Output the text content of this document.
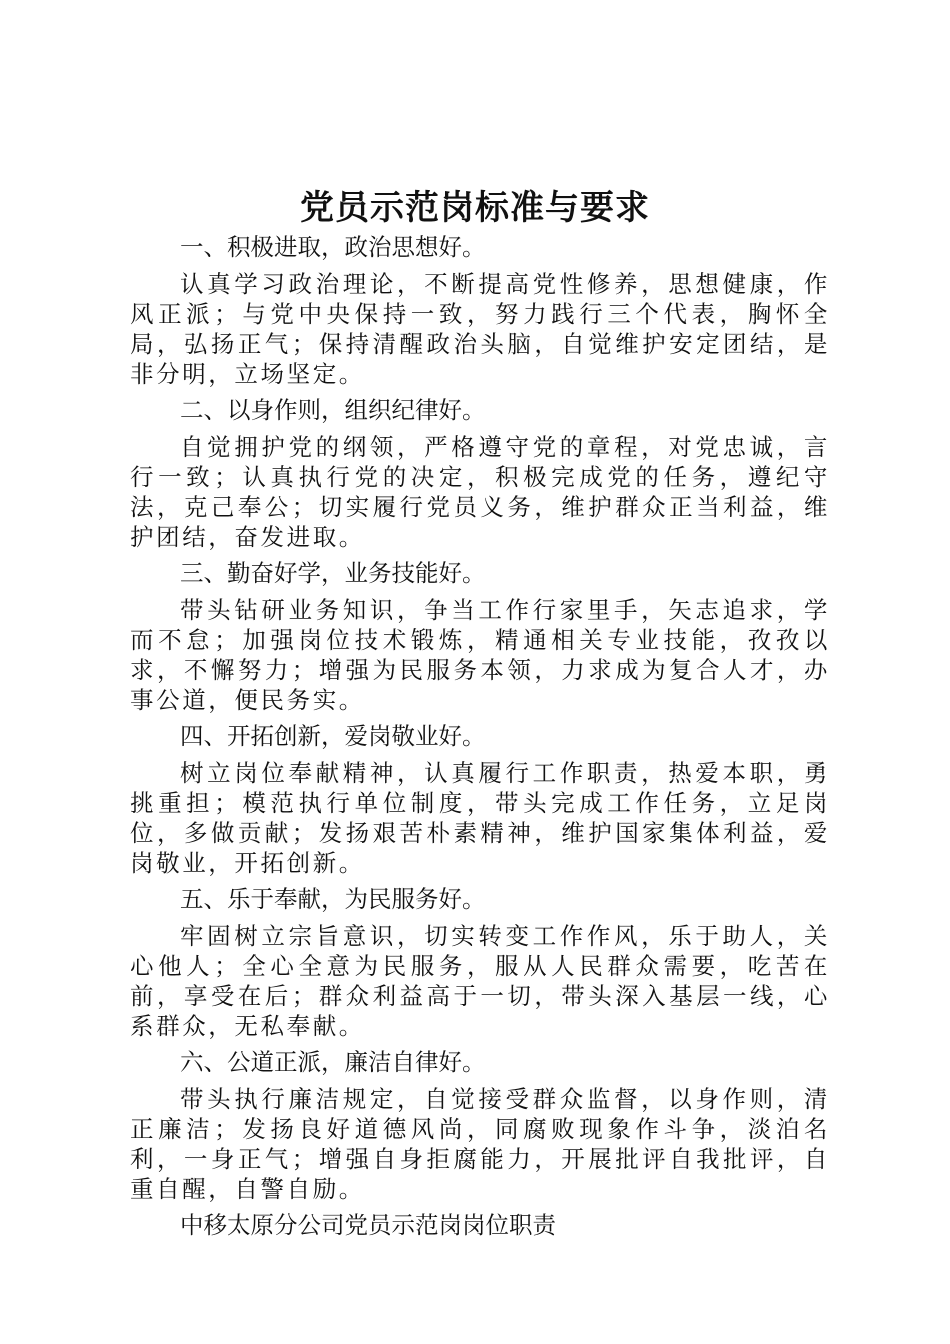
党员示范岗标准与要求

一、积极进取，政治思想好。

认真学习政治理论，不断提高党性修养，思想健康，作风正派；与党中央保持一致，努力践行三个代表，胸怀全局，弘扬正气；保持清醒政治头脑，自觉维护安定团结，是非分明，立场坚定。

二、以身作则，组织纪律好。

自觉拥护党的纲领，严格遵守党的章程，对党忠诚，言行一致；认真执行党的决定，积极完成党的任务，遵纪守法，克己奉公；切实履行党员义务，维护群众正当利益，维护团结，奋发进取。

三、勤奋好学，业务技能好。

带头钻研业务知识，争当工作行家里手，矢志追求，学而不怠；加强岗位技术锻炼，精通相关专业技能，孜孜以求，不懈努力；增强为民服务本领，力求成为复合人才，办事公道，便民务实。

四、开拓创新，爱岗敬业好。

树立岗位奉献精神，认真履行工作职责，热爱本职，勇挑重担；模范执行单位制度，带头完成工作任务，立足岗位，多做贡献；发扬艰苦朴素精神，维护国家集体利益，爱岗敬业，开拓创新。

五、乐于奉献，为民服务好。

牢固树立宗旨意识，切实转变工作作风，乐于助人，关心他人；全心全意为民服务，服从人民群众需要，吃苦在前，享受在后；群众利益高于一切，带头深入基层一线，心系群众，无私奉献。

六、公道正派，廉洁自律好。

带头执行廉洁规定，自觉接受群众监督，以身作则，清正廉洁；发扬良好道德风尚，同腐败现象作斗争，淡泊名利，一身正气；增强自身拒腐能力，开展批评自我批评，自重自醒，自警自励。

中移太原分公司党员示范岗岗位职责
